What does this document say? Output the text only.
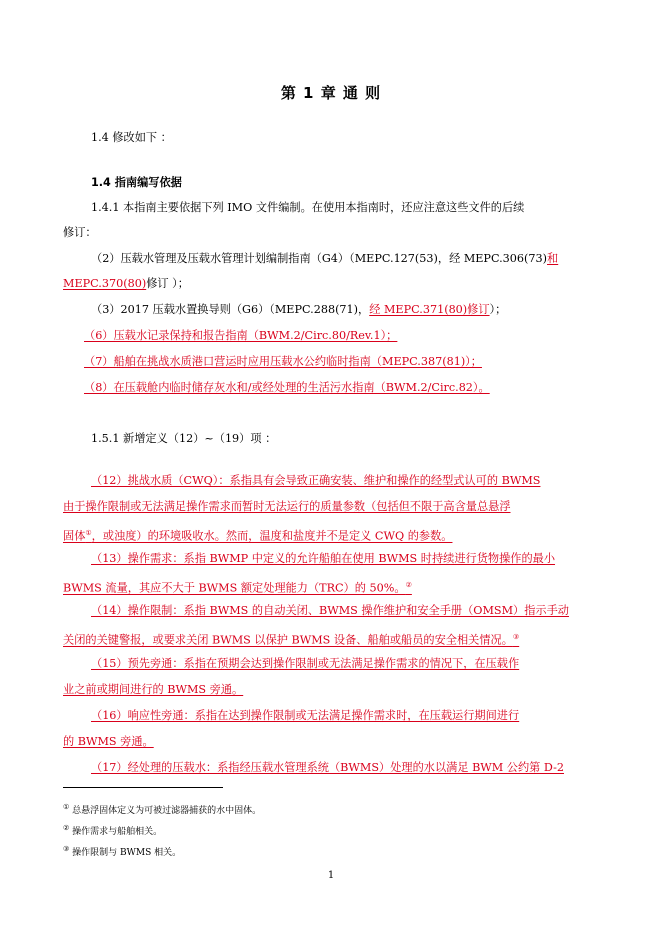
第 1 章 通 则
1.4 修改如下 ：
1.4 指南编写依据
1.4.1 本指南主要依据下列 IMO 文件编制。在使用本指南时，还应注意这些文件的后续
修订：
（2）压载水管理及压载水管理计划编制指南（G4）（MEPC.127(53)，经 MEPC.306(73)和
MEPC.370(80)修订 ）；
（3）2017 压载水置换导则（G6）（MEPC.288(71)，经 MEPC.371(80)修订）；
（6）压载水记录保持和报告指南（BWM.2/Circ.80/Rev.1）；
（7）船舶在挑战水质港口营运时应用压载水公约临时指南（MEPC.387(81)）；
（8）在压载舱内临时储存灰水和/或经处理的生活污水指南（BWM.2/Circ.82）。
1.5.1 新增定义（12）~（19）项 ：
（12）挑战水质（CWQ）：系指具有会导致正确安装、维护和操作的经型式认可的 BWMS
由于操作限制或无法满足操作需求而暂时无法运行的质量参数（包括但不限于高含量总悬浮
固体①，或浊度）的环境吸收水。然而，温度和盐度并不是定义 CWQ 的参数。
（13）操作需求：系指 BWMP 中定义的允许船舶在使用 BWMS 时持续进行货物操作的最小
BWMS 流量，其应不大于 BWMS 额定处理能力（TRC）的 50%。②
（14）操作限制：系指 BWMS 的自动关闭、BWMS 操作维护和安全手册（OMSM）指示手动
关闭的关键警报，或要求关闭 BWMS 以保护 BWMS 设备、船舶或船员的安全相关情况。③
（15）预先旁通：系指在预期会达到操作限制或无法满足操作需求的情况下，在压载作
业之前或期间进行的 BWMS 旁通。
（16）响应性旁通：系指在达到操作限制或无法满足操作需求时，在压载运行期间进行
的 BWMS 旁通。
（17）经处理的压载水：系指经压载水管理系统（BWMS）处理的水以满足 BWM 公约第 D-2
① 总悬浮固体定义为可被过滤器捕获的水中固体。
② 操作需求与船舶相关。
③ 操作限制与 BWMS 相关。
1
